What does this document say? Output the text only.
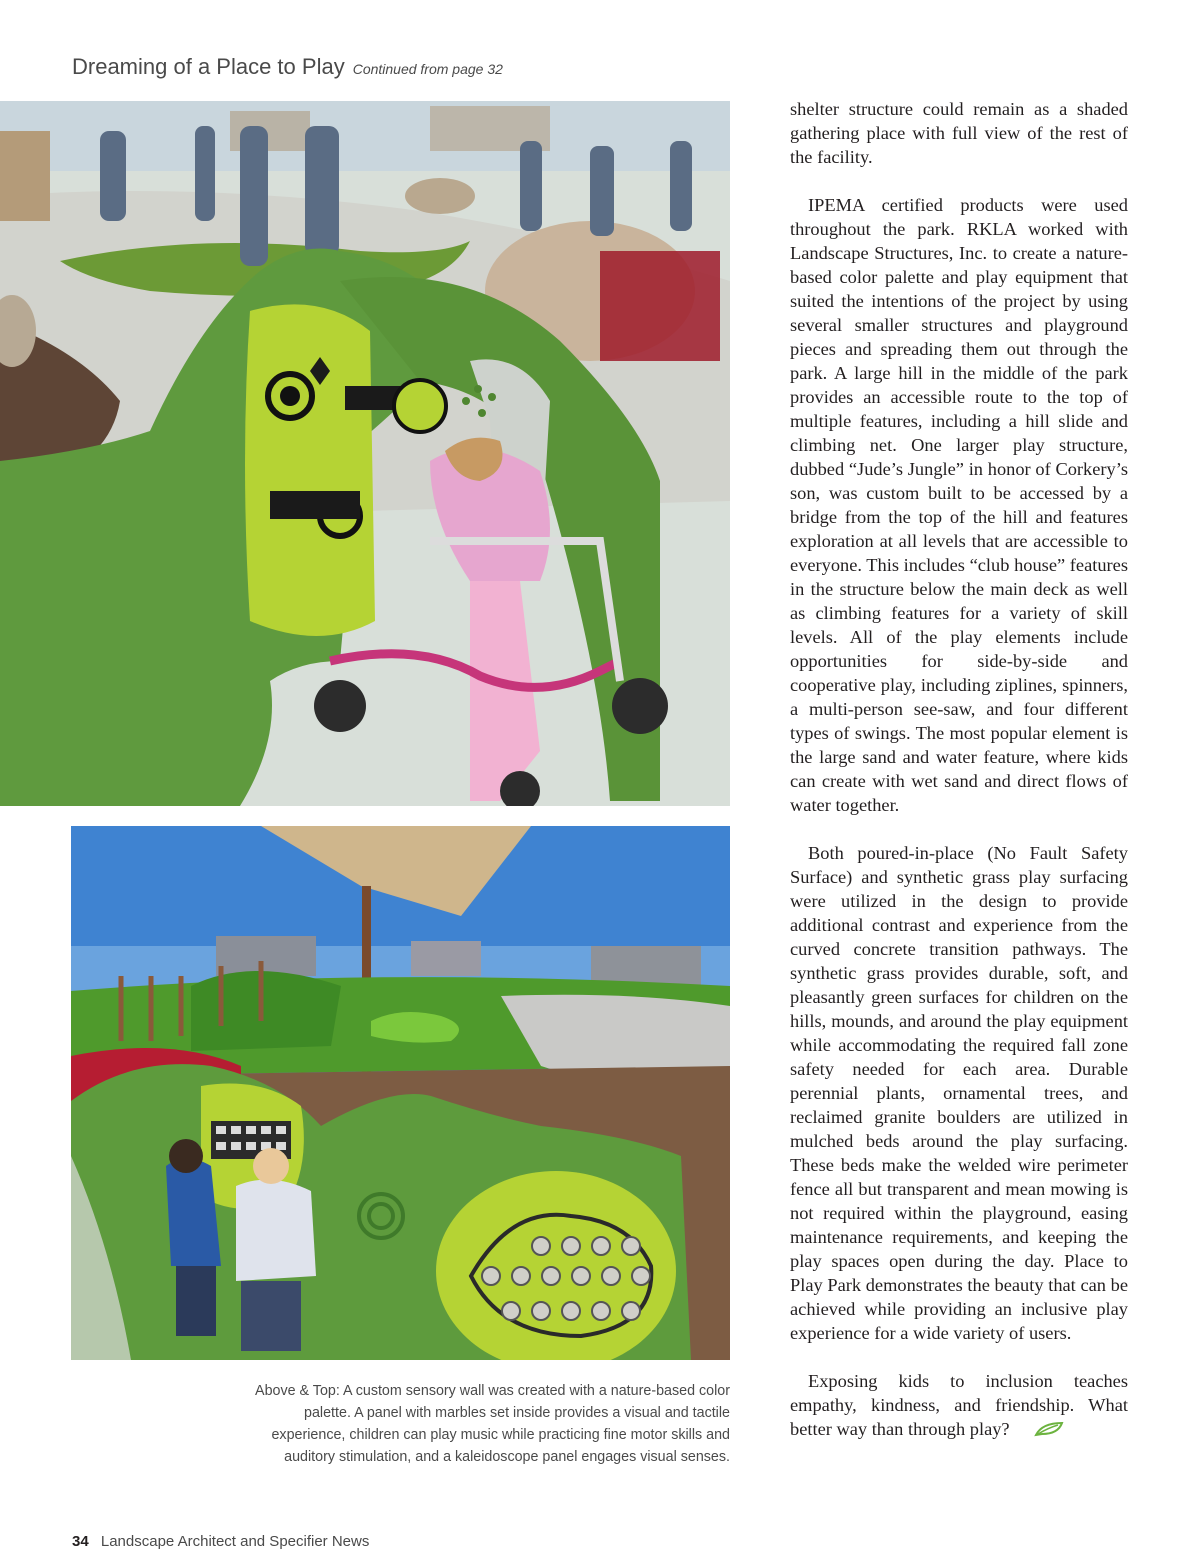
Dreaming of a Place to Play Continued from page 32
Above & Top: A custom sensory wall was created with a nature-based color palette. A panel with marbles set inside provides a visual and tactile experience, children can play music while practicing fine motor skills and auditory stimulation, and a kaleidoscope panel engages visual senses.

shelter structure could remain as a shaded gathering place with full view of the rest of the facility.

IPEMA certified products were used throughout the park. RKLA worked with Landscape Structures, Inc. to create a nature-based color palette and play equipment that suited the intentions of the project by using several smaller structures and playground pieces and spreading them out through the park. A large hill in the middle of the park provides an accessible route to the top of multiple features, including a hill slide and climbing net. One larger play structure, dubbed “Jude’s Jungle” in honor of Corkery’s son, was custom built to be accessed by a bridge from the top of the hill and features exploration at all levels that are accessible to everyone. This includes “club house” features in the structure below the main deck as well as climbing features for a variety of skill levels. All of the play elements include opportunities for side-by-side and cooperative play, including ziplines, spinners, a multi-person see-saw, and four different types of swings. The most popular element is the large sand and water feature, where kids can create with wet sand and direct flows of water together.

Both poured-in-place (No Fault Safety Surface) and synthetic grass play surfacing were utilized in the design to provide additional contrast and experience from the curved concrete transition pathways. The synthetic grass provides durable, soft, and pleasantly green surfaces for children on the hills, mounds, and around the play equipment while accommodating the required fall zone safety needed for each area. Durable perennial plants, ornamental trees, and reclaimed granite boulders are utilized in mulched beds around the play surfacing. These beds make the welded wire perimeter fence all but transparent and mean mowing is not required within the playground, easing maintenance requirements, and keeping the play spaces open during the day. Place to Play Park demonstrates the beauty that can be achieved while providing an inclusive play experience for a wide variety of users.

Exposing kids to inclusion teaches empathy, kindness, and friendship. What better way than through play?

34 Landscape Architect and Specifier News
